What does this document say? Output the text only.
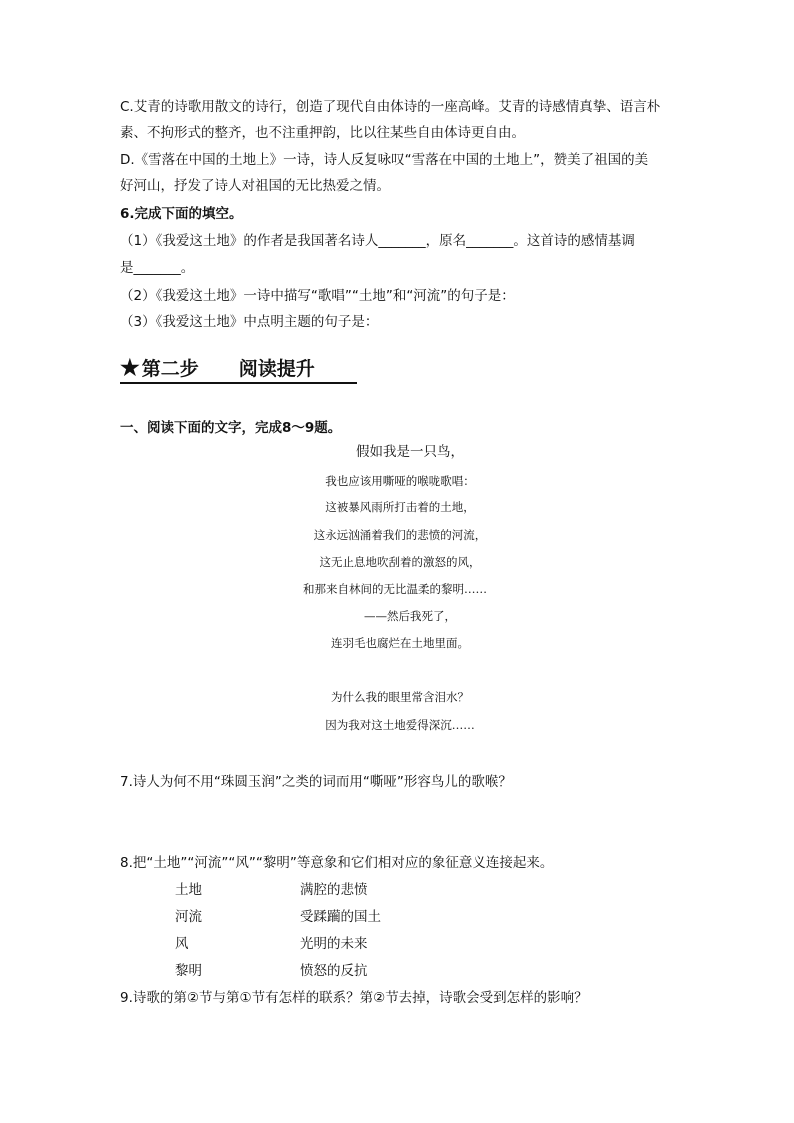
C.艾青的诗歌用散文的诗行，创造了现代自由体诗的一座高峰。艾青的诗感情真挚、语言朴
素、不拘形式的整齐，也不注重押韵，比以往某些自由体诗更自由。
D.《雪落在中国的土地上》一诗，诗人反复咏叹“雪落在中国的土地上”，赞美了祖国的美
好河山，抒发了诗人对祖国的无比热爱之情。
6.完成下面的填空。
（1）《我爱这土地》的作者是我国著名诗人_______，原名_______。这首诗的感情基调
是_______。
（2）《我爱这土地》一诗中描写“歌唱”“土地”和“河流”的句子是：
（3）《我爱这土地》中点明主题的句子是：
★ 第二步 阅读提升
一、阅读下面的文字，完成8～9题。
假如我是一只鸟，
我也应该用嘶哑的喉咙歌唱：
这被暴风雨所打击着的土地，
这永远汹涌着我们的悲愤的河流，
这无止息地吹刮着的激怒的风，
和那来自林间的无比温柔的黎明……
——然后我死了，
连羽毛也腐烂在土地里面。
为什么我的眼里常含泪水？
因为我对这土地爱得深沉……
7.诗人为何不用“珠圆玉润”之类的词而用“嘶哑”形容鸟儿的歌喉？
8.把“土地”“河流”“风”“黎明”等意象和它们相对应的象征意义连接起来。
土地	满腔的悲愤
河流	受蹂躏的国土
风	光明的未来
黎明	愤怒的反抗
9.诗歌的第②节与第①节有怎样的联系？第②节去掉，诗歌会受到怎样的影响？
